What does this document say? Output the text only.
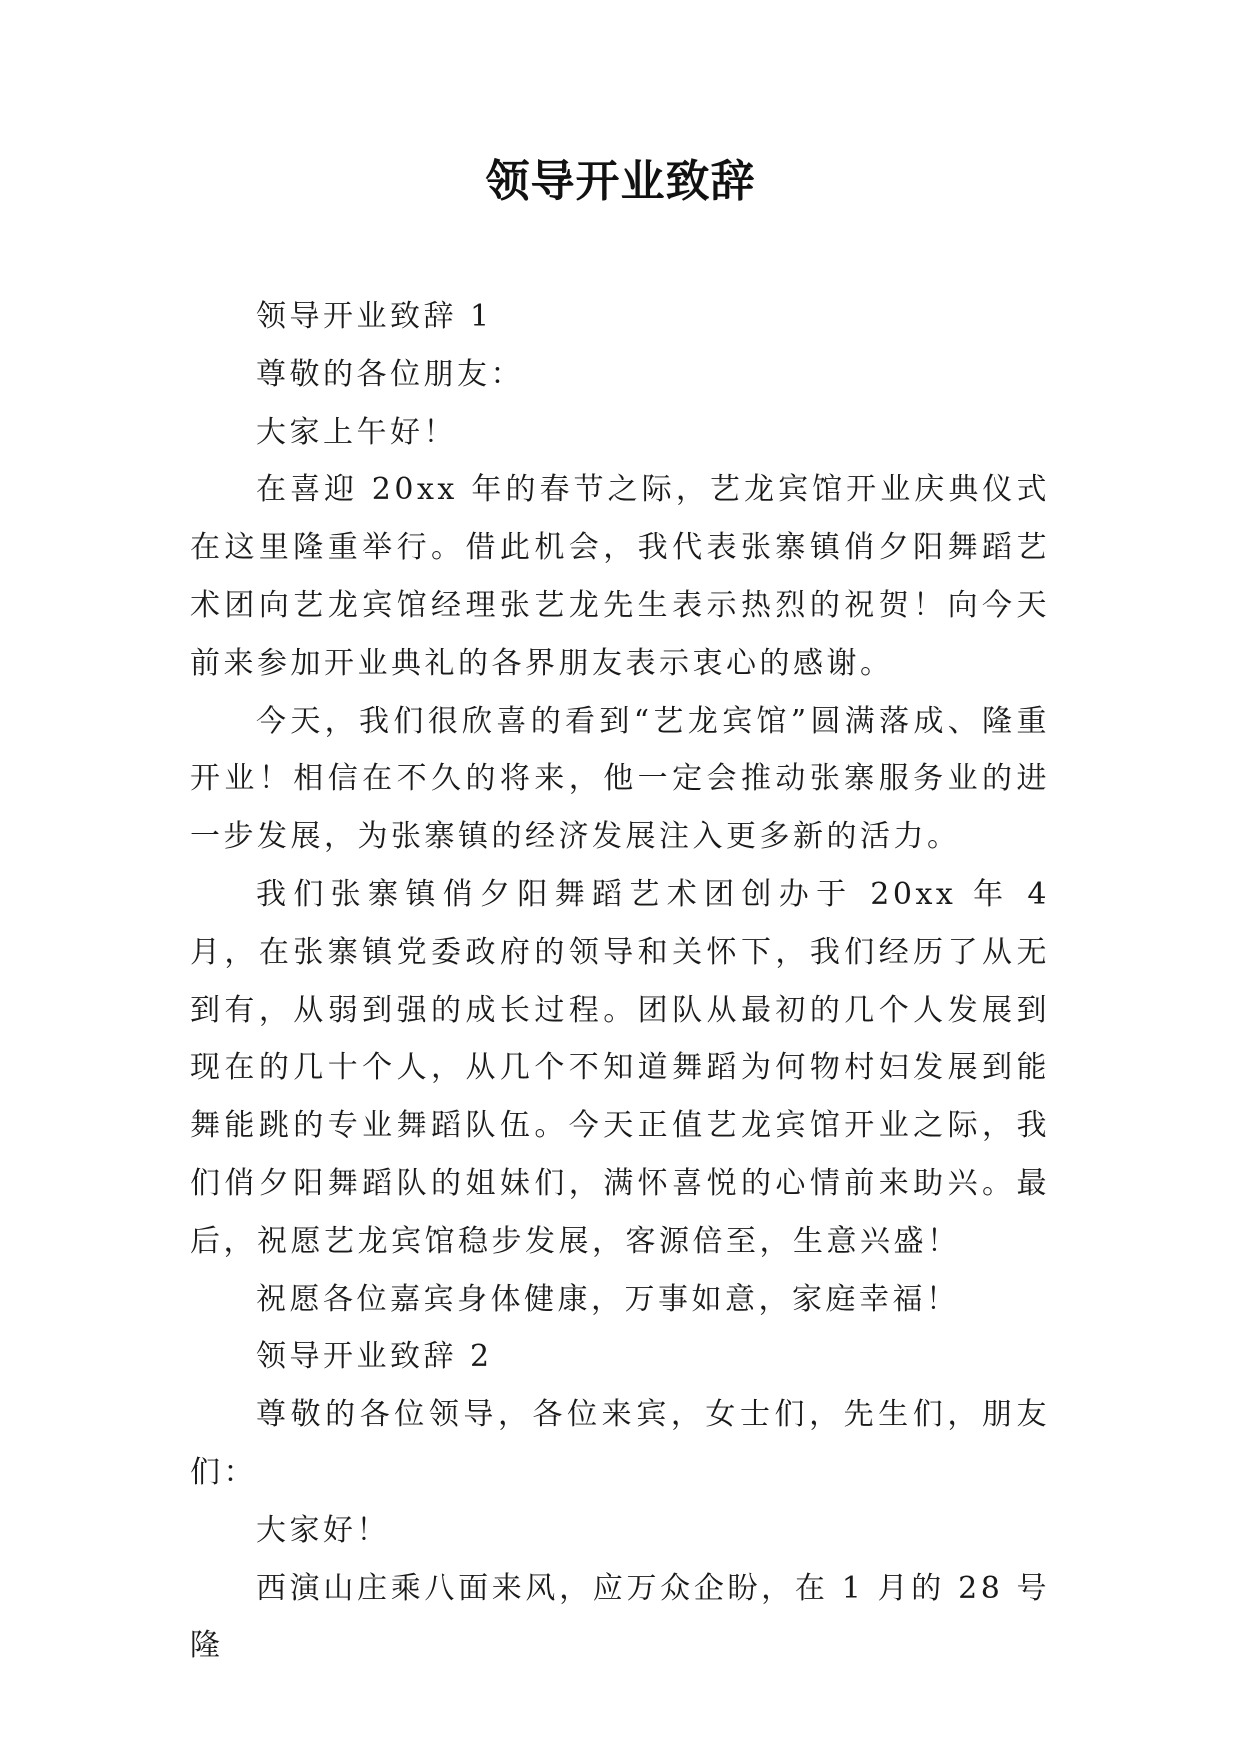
领导开业致辞

领导开业致辞 1

尊敬的各位朋友：

大家上午好！

在喜迎 20xx 年的春节之际，艺龙宾馆开业庆典仪式在这里隆重举行。借此机会，我代表张寨镇俏夕阳舞蹈艺术团向艺龙宾馆经理张艺龙先生表示热烈的祝贺！向今天前来参加开业典礼的各界朋友表示衷心的感谢。

今天，我们很欣喜的看到“艺龙宾馆”圆满落成、隆重开业！相信在不久的将来，他一定会推动张寨服务业的进一步发展，为张寨镇的经济发展注入更多新的活力。

我们张寨镇俏夕阳舞蹈艺术团创办于 20xx 年 4 月，在张寨镇党委政府的领导和关怀下，我们经历了从无到有，从弱到强的成长过程。团队从最初的几个人发展到现在的几十个人，从几个不知道舞蹈为何物村妇发展到能舞能跳的专业舞蹈队伍。今天正值艺龙宾馆开业之际，我们俏夕阳舞蹈队的姐妹们，满怀喜悦的心情前来助兴。最后，祝愿艺龙宾馆稳步发展，客源倍至，生意兴盛！

祝愿各位嘉宾身体健康，万事如意，家庭幸福！

领导开业致辞 2

尊敬的各位领导，各位来宾，女士们，先生们，朋友们：

大家好！

西演山庄乘八面来风，应万众企盼，在 1 月的 28 号隆
